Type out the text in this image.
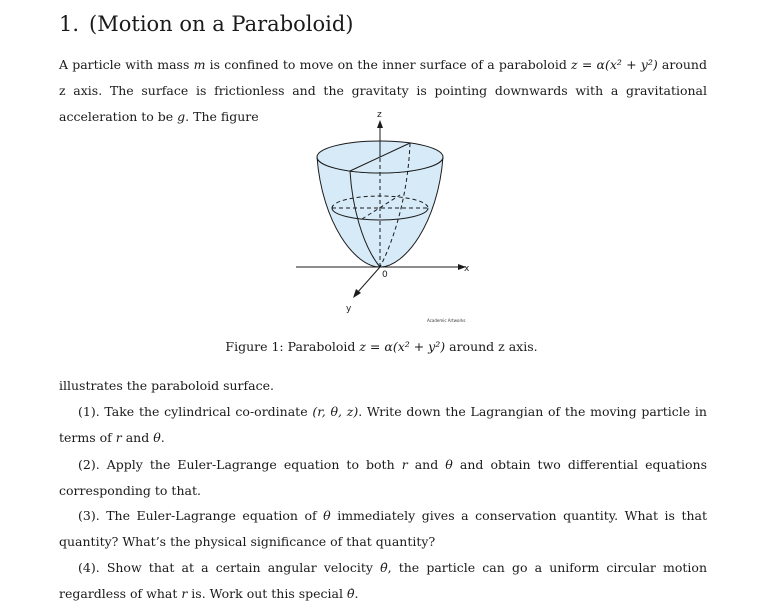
1. (Motion on a Paraboloid)

A particle with mass m is confined to move on the inner surface of a paraboloid z = α(x² + y²) around z axis. The surface is frictionless and the gravitaty is pointing downwards with a gravitational acceleration to be g. The figure	z
x
y
0
Academic Artworks
Figure 1: Paraboloid z = α(x² + y²) around z axis.

illustrates the paraboloid surface.

(1). Take the cylindrical co-ordinate (r, θ, z). Write down the Lagrangian of the moving particle in terms of r and θ.

(2). Apply the Euler-Lagrange equation to both r and θ and obtain two differential equations corresponding to that.

(3). The Euler-Lagrange equation of θ immediately gives a conservation quantity. What is that quantity? What’s the physical significance of that quantity?

(4). Show that at a certain angular velocity θ̇, the particle can go a uniform circular motion regardless of what r is. Work out this special θ̇.
